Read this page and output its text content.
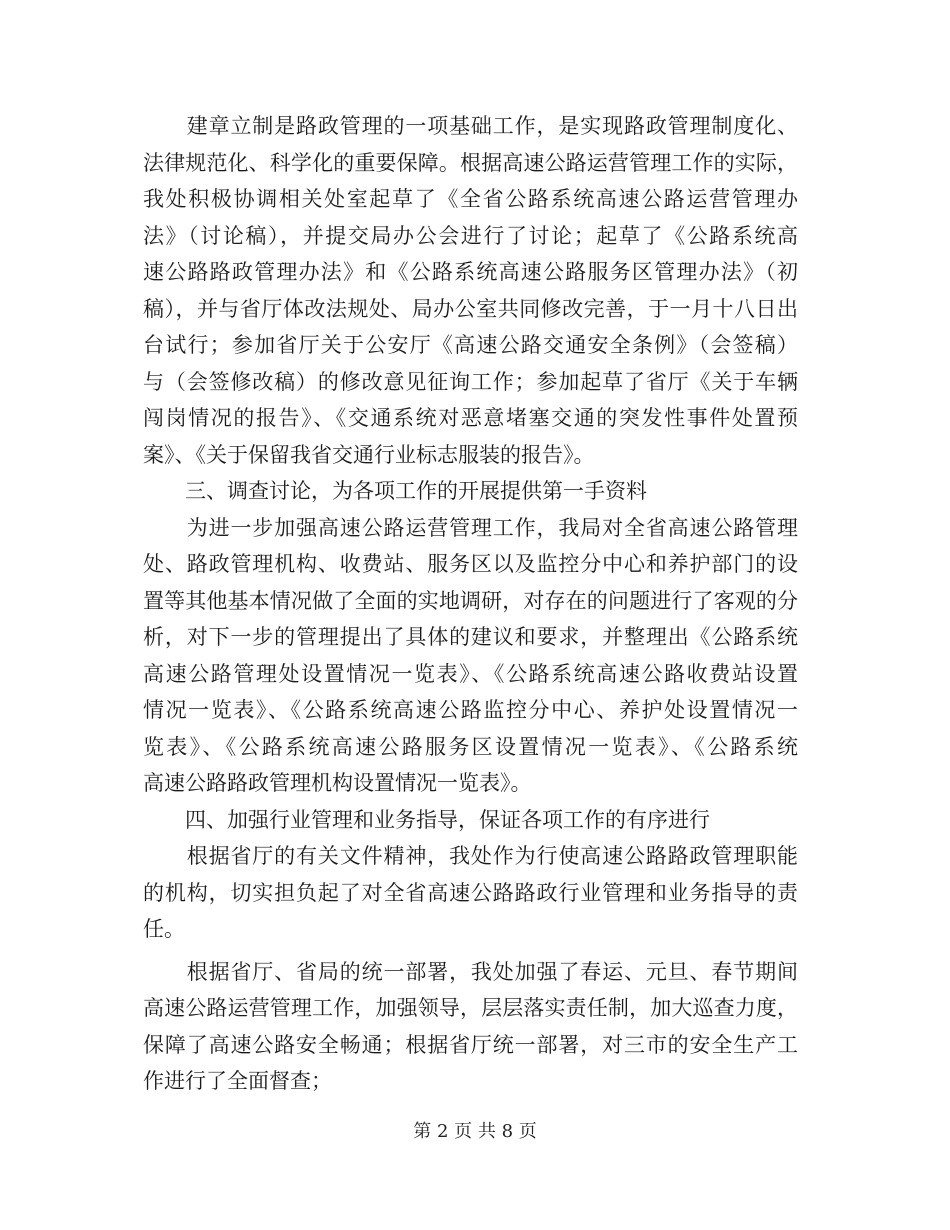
　　建章立制是路政管理的一项基础工作，是实现路政管理制度化、
法律规范化、科学化的重要保障。根据高速公路运营管理工作的实际，
我处积极协调相关处室起草了《全省公路系统高速公路运营管理办
法》（讨论稿），并提交局办公会进行了讨论；起草了《公路系统高
速公路路政管理办法》和《公路系统高速公路服务区管理办法》（初
稿），并与省厅体改法规处、局办公室共同修改完善，于一月十八日出
台试行；参加省厅关于公安厅《高速公路交通安全条例》（会签稿）
与（会签修改稿）的修改意见征询工作；参加起草了省厅《关于车辆
闯岗情况的报告》、《交通系统对恶意堵塞交通的突发性事件处置预
案》、《关于保留我省交通行业标志服装的报告》。
　　三、调查讨论，为各项工作的开展提供第一手资料
　　为进一步加强高速公路运营管理工作，我局对全省高速公路管理
处、路政管理机构、收费站、服务区以及监控分中心和养护部门的设
置等其他基本情况做了全面的实地调研，对存在的问题进行了客观的分
析，对下一步的管理提出了具体的建议和要求，并整理出《公路系统
高速公路管理处设置情况一览表》、《公路系统高速公路收费站设置
情况一览表》、《公路系统高速公路监控分中心、养护处设置情况一
览表》、《公路系统高速公路服务区设置情况一览表》、《公路系统
高速公路路政管理机构设置情况一览表》。
　　四、加强行业管理和业务指导，保证各项工作的有序进行
　　根据省厅的有关文件精神，我处作为行使高速公路路政管理职能
的机构，切实担负起了对全省高速公路路政行业管理和业务指导的责
任。
　　根据省厅、省局的统一部署，我处加强了春运、元旦、春节期间
高速公路运营管理工作，加强领导，层层落实责任制，加大巡查力度，
保障了高速公路安全畅通；根据省厅统一部署，对三市的安全生产工
作进行了全面督查；
第 2 页 共 8 页
